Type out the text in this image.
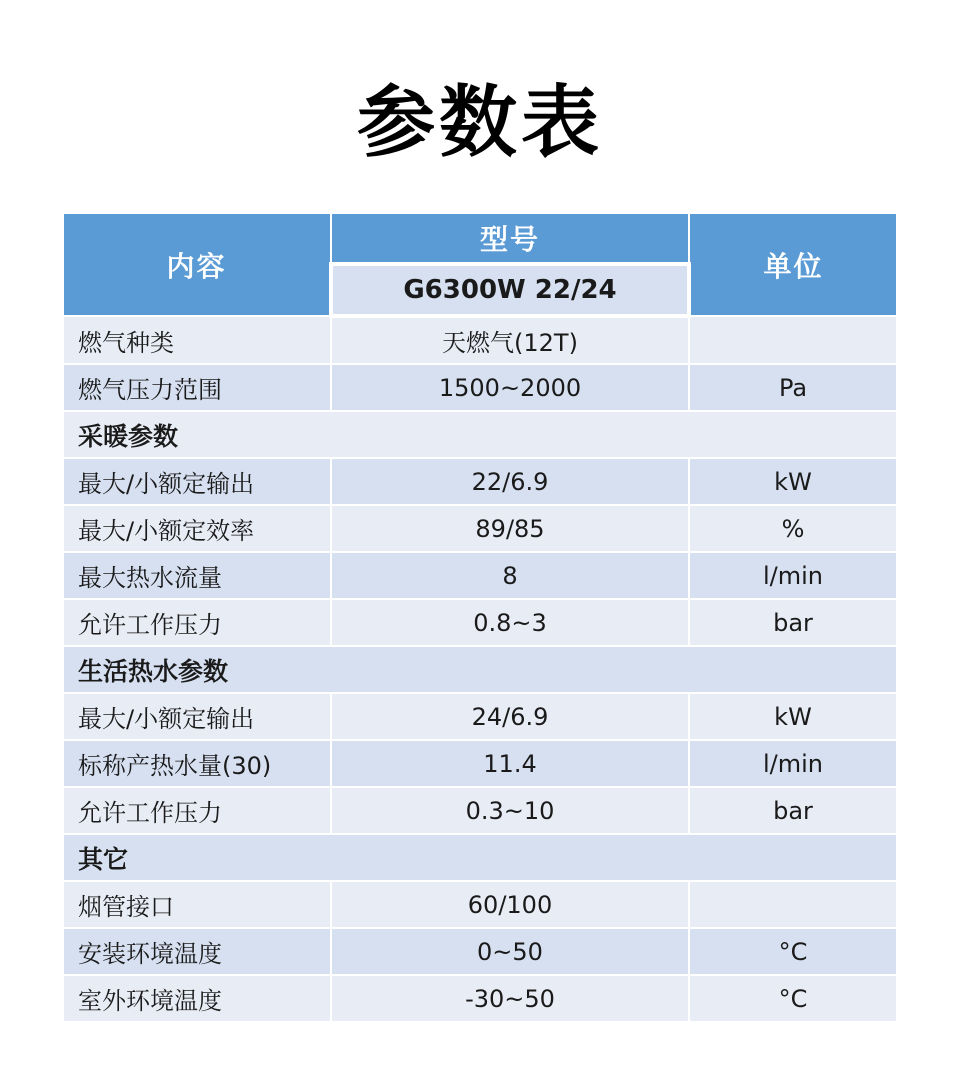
参数表
内容	型号	单位
	G6300W 22/24	
燃气种类	天燃气(12T)	
燃气压力范围	1500~2000	Pa
采暖参数		
最大/小额定输出	22/6.9	kW
最大/小额定效率	89/85	%
最大热水流量	8	l/min
允许工作压力	0.8~3	bar
生活热水参数		
最大/小额定输出	24/6.9	kW
标称产热水量(30)	11.4	l/min
允许工作压力	0.3~10	bar
其它		
烟管接口	60/100	
安装环境温度	0~50	°C
室外环境温度	-30~50	°C
